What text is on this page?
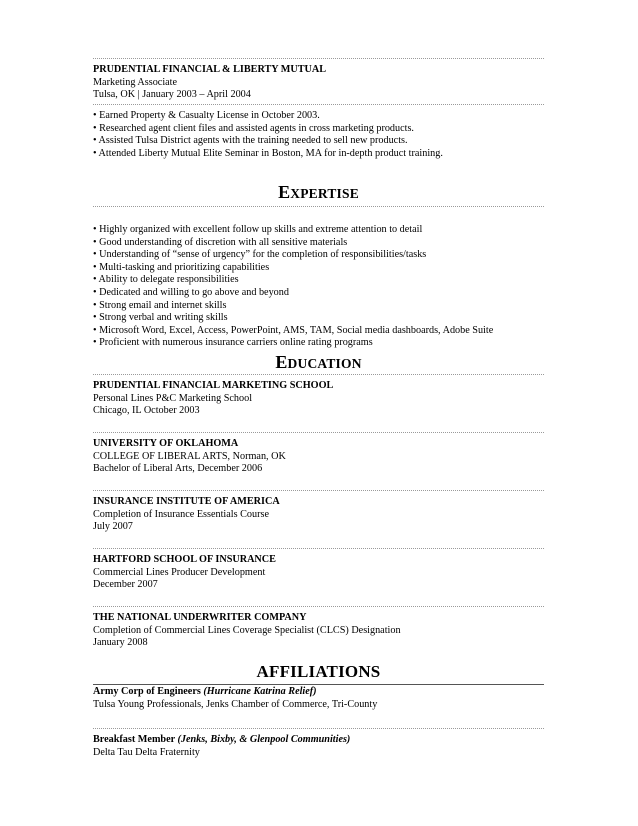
PRUDENTIAL FINANCIAL & LIBERTY MUTUAL
Marketing Associate
Tulsa, OK | January 2003 – April 2004
• Earned Property & Casualty License in October 2003.
• Researched agent client files and assisted agents in cross marketing products.
• Assisted Tulsa District agents with the training needed to sell new products.
• Attended Liberty Mutual Elite Seminar in Boston, MA for in-depth product training.
EXPERTISE
• Highly organized with excellent follow up skills and extreme attention to detail
• Good understanding of discretion with all sensitive materials
• Understanding of “sense of urgency” for the completion of responsibilities/tasks
• Multi-tasking and prioritizing capabilities
• Ability to delegate responsibilities
• Dedicated and willing to go above and beyond
• Strong email and internet skills
• Strong verbal and writing skills
• Microsoft Word, Excel, Access, PowerPoint, AMS, TAM, Social media dashboards, Adobe Suite
• Proficient with numerous insurance carriers online rating programs
EDUCATION
PRUDENTIAL FINANCIAL MARKETING SCHOOL
Personal Lines P&C Marketing School
Chicago, IL October 2003
UNIVERSITY OF OKLAHOMA
COLLEGE OF LIBERAL ARTS, Norman, OK
Bachelor of Liberal Arts, December 2006
INSURANCE INSTITUTE OF AMERICA
Completion of Insurance Essentials Course
July 2007
HARTFORD SCHOOL OF INSURANCE
Commercial Lines Producer Development
December 2007
THE NATIONAL UNDERWRITER COMPANY
Completion of Commercial Lines Coverage Specialist (CLCS) Designation
January 2008
AFFILIATIONS
Army Corp of Engineers (Hurricane Katrina Relief)
Tulsa Young Professionals, Jenks Chamber of Commerce, Tri-County
Breakfast Member (Jenks, Bixby, & Glenpool Communities)
Delta Tau Delta Fraternity
